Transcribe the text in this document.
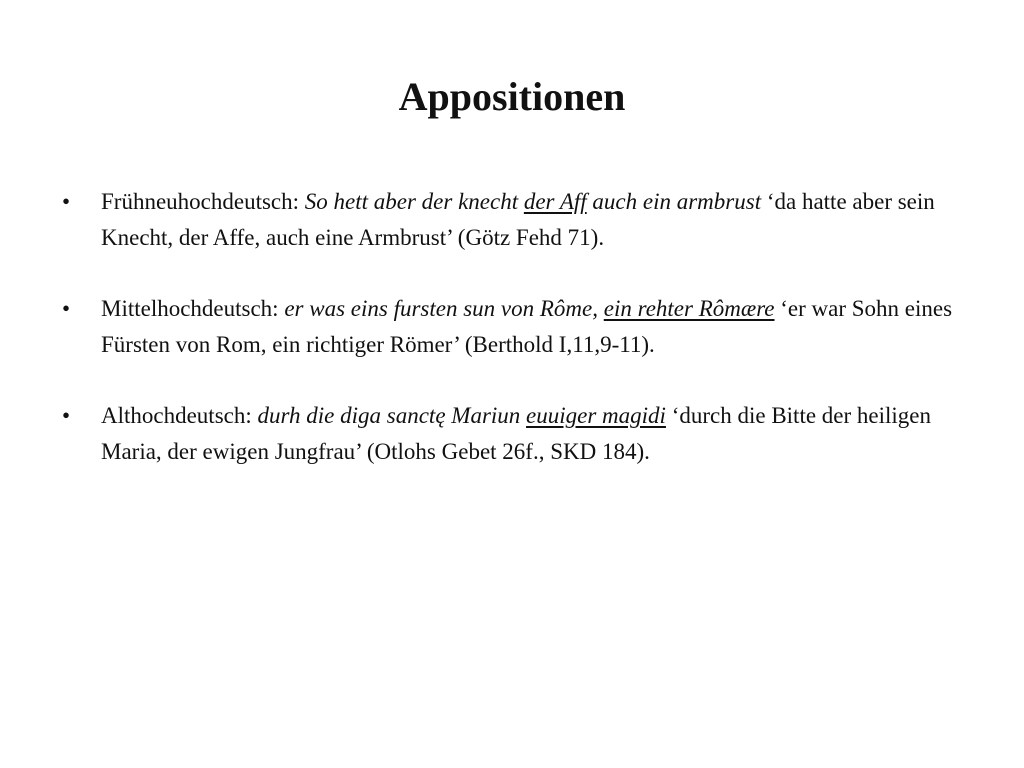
Appositionen
• Frühneuhochdeutsch: So hett aber der knecht der Aff auch ein armbrust ‘da hatte aber sein Knecht, der Affe, auch eine Armbrust’ (Götz Fehd 71).
• Mittelhochdeutsch: er was eins fursten sun von Rôme, ein rehter Rômære ‘er war Sohn eines Fürsten von Rom, ein richtiger Römer’ (Berthold I,11,9-11).
• Althochdeutsch: durh die diga sanctę Mariun euuiger magidi ‘durch die Bitte der heiligen Maria, der ewigen Jungfrau’ (Otlohs Gebet 26f., SKD 184).
